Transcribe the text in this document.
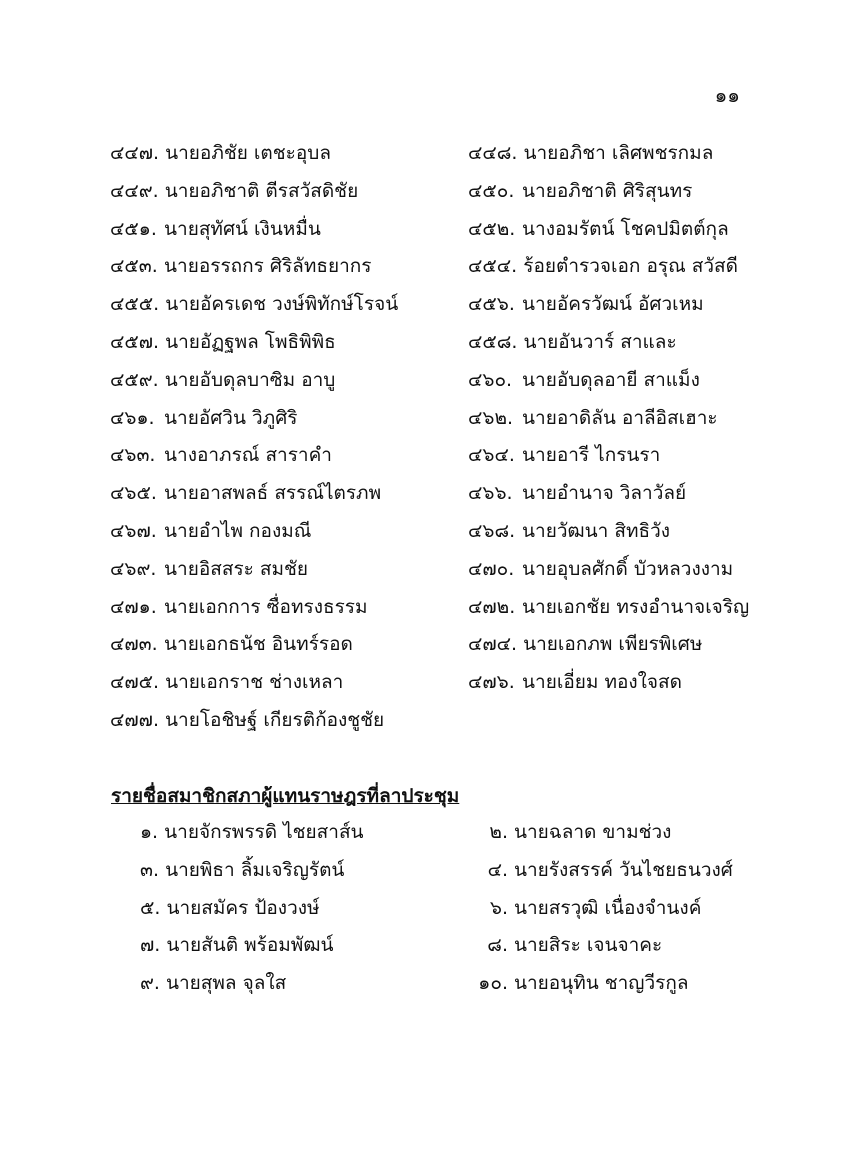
๑๑
๔๔๗. นายอภิชัย เตชะอุบล	๔๔๘. นายอภิชา เลิศพชรกมล
๔๔๙. นายอภิชาติ ตีรสวัสดิชัย	๔๕๐. นายอภิชาติ ศิริสุนทร
๔๕๑. นายสุทัศน์ เงินหมื่น	๔๕๒. นางอมรัตน์ โชคปมิตต์กุล
๔๕๓. นายอรรถกร ศิริลัทธยากร	๔๕๔. ร้อยตำรวจเอก อรุณ สวัสดี
๔๕๕. นายอัครเดช วงษ์พิทักษ์โรจน์	๔๕๖. นายอัครวัฒน์ อัศวเหม
๔๕๗. นายอัฏฐพล โพธิพิพิธ	๔๕๘. นายอันวาร์ สาและ
๔๕๙. นายอับดุลบาซิม อาบู	๔๖๐. นายอับดุลอายี สาแม็ง
๔๖๑. นายอัศวิน วิภูศิริ	๔๖๒. นายอาดิลัน อาลีอิสเฮาะ
๔๖๓. นางอาภรณ์ สาราคำ	๔๖๔. นายอารี ไกรนรา
๔๖๕. นายอาสพลธ์ สรรณ์ไตรภพ	๔๖๖. นายอำนาจ วิลาวัลย์
๔๖๗. นายอำไพ กองมณี	๔๖๘. นายวัฒนา สิทธิวัง
๔๖๙. นายอิสสระ สมชัย	๔๗๐. นายอุบลศักดิ์ บัวหลวงงาม
๔๗๑. นายเอกการ ซื่อทรงธรรม	๔๗๒. นายเอกชัย ทรงอำนาจเจริญ
๔๗๓. นายเอกธนัช อินทร์รอด	๔๗๔. นายเอกภพ เพียรพิเศษ
๔๗๕. นายเอกราช ช่างเหลา	๔๗๖. นายเอี่ยม ทองใจสด
๔๗๗. นายโอชิษฐ์ เกียรติก้องชูชัย
รายชื่อสมาชิกสภาผู้แทนราษฎรที่ลาประชุม
๑. นายจักรพรรดิ ไชยสาส์น	๒. นายฉลาด ขามช่วง
๓. นายพิธา ลิ้มเจริญรัตน์	๔. นายรังสรรค์ วันไชยธนวงศ์
๕. นายสมัคร ป้องวงษ์	๖. นายสรวุฒิ เนื่องจำนงค์
๗. นายสันติ พร้อมพัฒน์	๘. นายสิระ เจนจาคะ
๙. นายสุพล จุลใส	๑๐. นายอนุทิน ชาญวีรกูล
